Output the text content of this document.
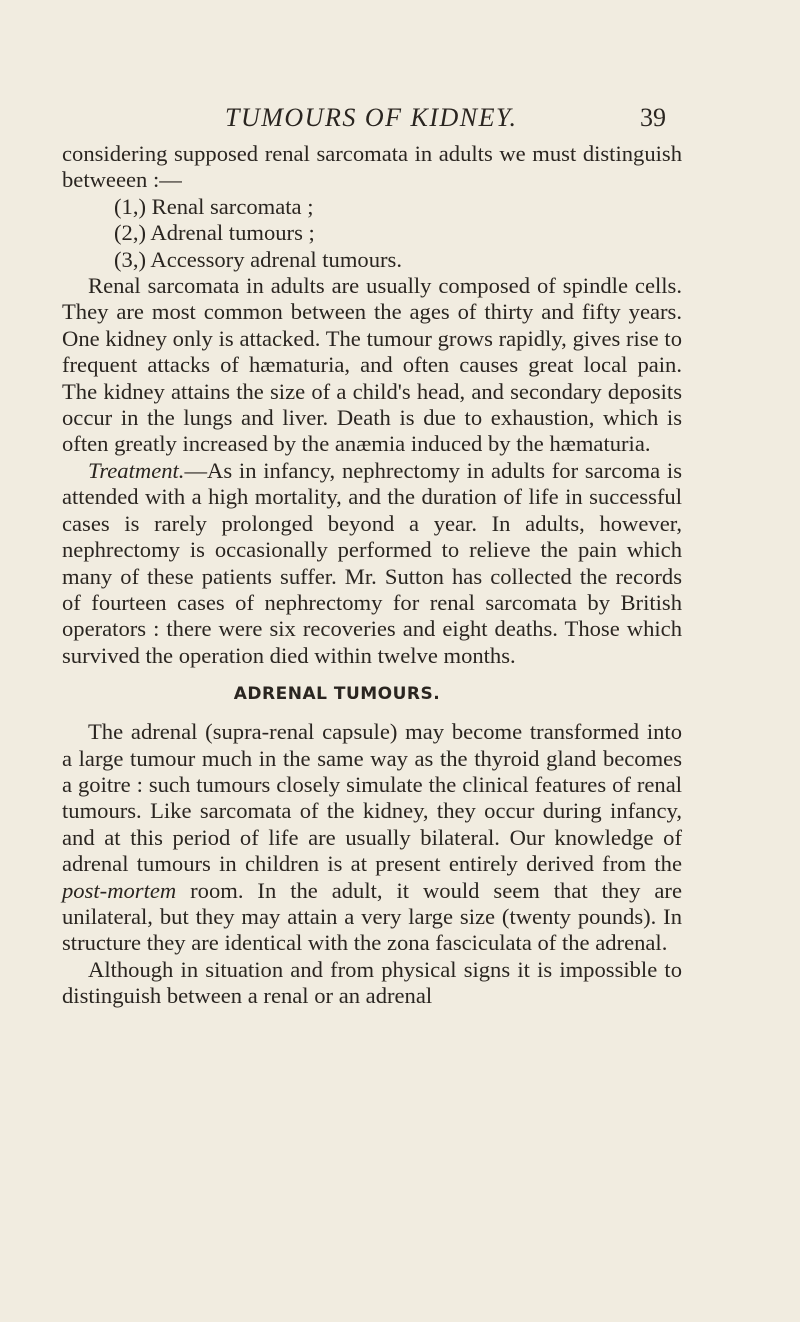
TUMOURS OF KIDNEY.	39

considering supposed renal sarcomata in adults we must distinguish betweeen :—

(1,) Renal sarcomata ;
(2,) Adrenal tumours ;
(3,) Accessory adrenal tumours.

Renal sarcomata in adults are usually composed of spindle cells. They are most common between the ages of thirty and fifty years. One kidney only is attacked. The tumour grows rapidly, gives rise to frequent attacks of hæmaturia, and often causes great local pain. The kidney attains the size of a child's head, and secondary deposits occur in the lungs and liver. Death is due to exhaustion, which is often greatly increased by the anæmia induced by the hæmaturia.

Treatment.—As in infancy, nephrectomy in adults for sarcoma is attended with a high mortality, and the duration of life in successful cases is rarely prolonged beyond a year. In adults, however, nephrectomy is occasionally performed to relieve the pain which many of these patients suffer. Mr. Sutton has collected the records of fourteen cases of nephrectomy for renal sarcomata by British operators : there were six recoveries and eight deaths. Those which survived the operation died within twelve months.

ADRENAL TUMOURS.

The adrenal (supra-renal capsule) may become transformed into a large tumour much in the same way as the thyroid gland becomes a goitre : such tumours closely simulate the clinical features of renal tumours. Like sarcomata of the kidney, they occur during infancy, and at this period of life are usually bilateral. Our knowledge of adrenal tumours in children is at present entirely derived from the post-mortem room. In the adult, it would seem that they are unilateral, but they may attain a very large size (twenty pounds). In structure they are identical with the zona fasciculata of the adrenal.

Although in situation and from physical signs it is impossible to distinguish between a renal or an adrenal
